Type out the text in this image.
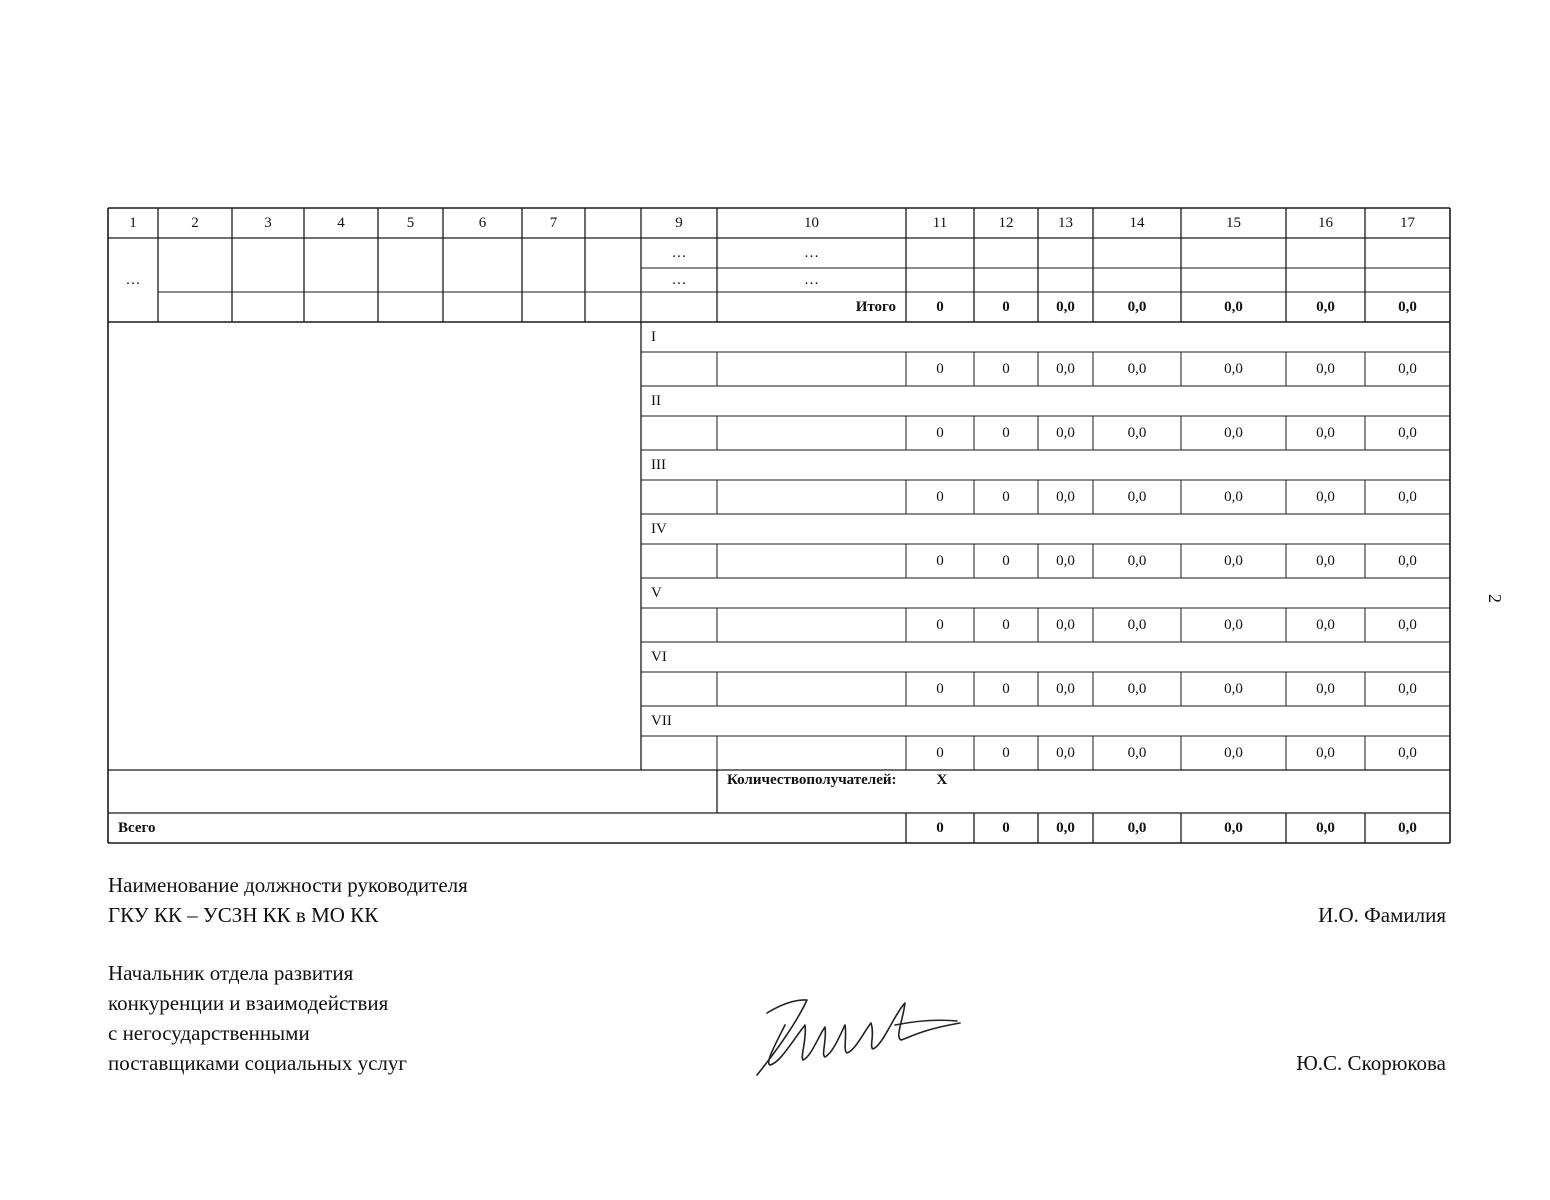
1	2	3	4	5	6	7	9	10	11	12	13	14	15	16	17
…
…	…
…	…
Итого	0	0	0,0	0,0	0,0	0,0	0,0
I
0	0	0,0	0,0	0,0	0,0	0,0
II
0	0	0,0	0,0	0,0	0,0	0,0
III
0	0	0,0	0,0	0,0	0,0	0,0
IV
0	0	0,0	0,0	0,0	0,0	0,0
V
0	0	0,0	0,0	0,0	0,0	0,0
VI
0	0	0,0	0,0	0,0	0,0	0,0
VII
0	0	0,0	0,0	0,0	0,0	0,0
Количество получателей:	X
Всего	0	0	0,0	0,0	0,0	0,0	0,0
Наименование должности руководителя
ГКУ КК – УСЗН КК в МО КК	И.О. Фамилия
Начальник отдела развития
конкуренции и взаимодействия
с негосударственными
поставщиками социальных услуг	Ю.С. Скорюкова
2
